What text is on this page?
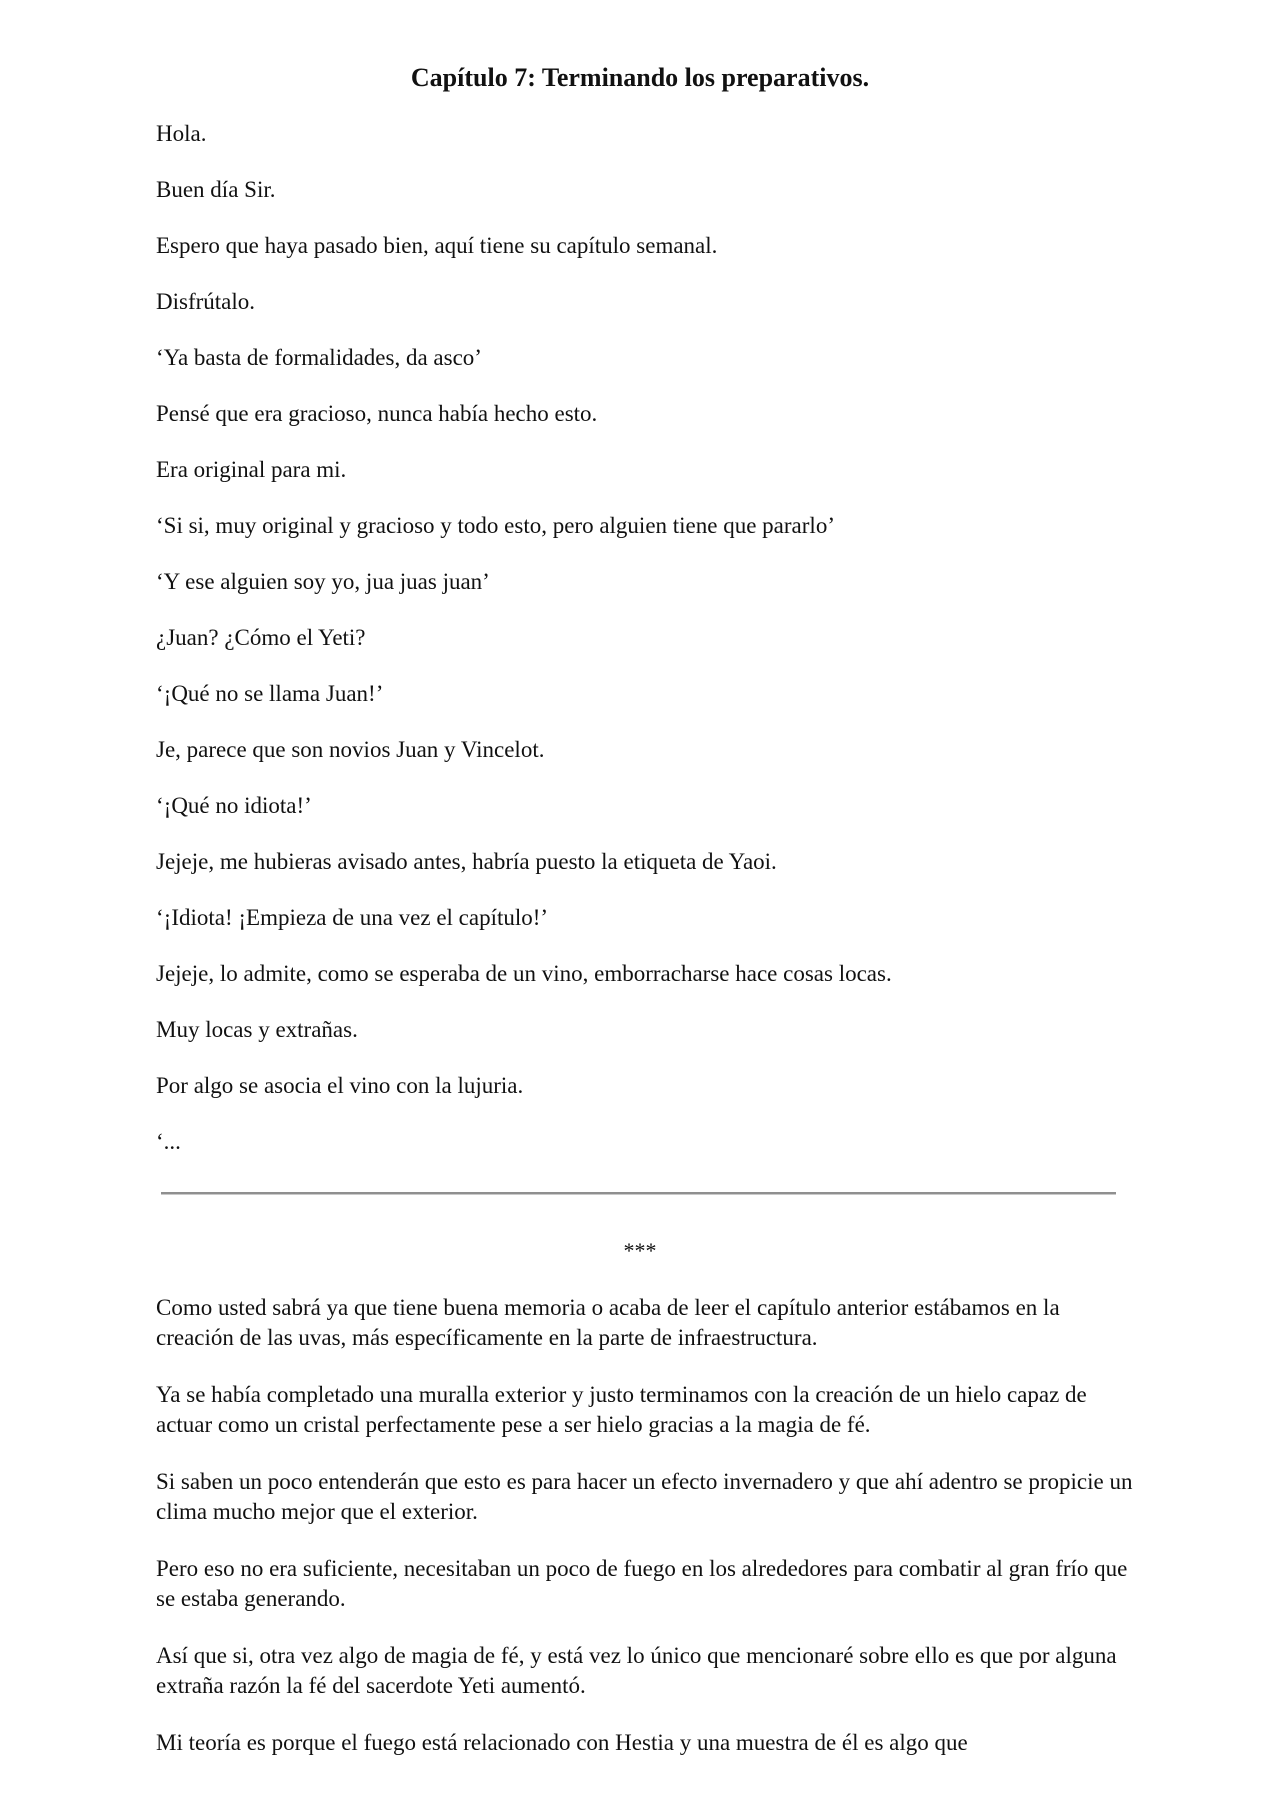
Capítulo 7: Terminando los preparativos.

Hola.

Buen día Sir.

Espero que haya pasado bien, aquí tiene su capítulo semanal.

Disfrútalo.

‘Ya basta de formalidades, da asco’

Pensé que era gracioso, nunca había hecho esto.

Era original para mi.

‘Si si, muy original y gracioso y todo esto, pero alguien tiene que pararlo’

‘Y ese alguien soy yo, jua juas juan’

¿Juan? ¿Cómo el Yeti?

‘¡Qué no se llama Juan!’

Je, parece que son novios Juan y Vincelot.

‘¡Qué no idiota!’

Jejeje, me hubieras avisado antes, habría puesto la etiqueta de Yaoi.

‘¡Idiota! ¡Empieza de una vez el capítulo!’

Jejeje, lo admite, como se esperaba de un vino, emborracharse hace cosas locas.

Muy locas y extrañas.

Por algo se asocia el vino con la lujuria.

‘...

***

Como usted sabrá ya que tiene buena memoria o acaba de leer el capítulo anterior estábamos en la creación de las uvas, más específicamente en la parte de infraestructura.

Ya se había completado una muralla exterior y justo terminamos con la creación de un hielo capaz de actuar como un cristal perfectamente pese a ser hielo gracias a la magia de fé.

Si saben un poco entenderán que esto es para hacer un efecto invernadero y que ahí adentro se propicie un clima mucho mejor que el exterior.

Pero eso no era suficiente, necesitaban un poco de fuego en los alrededores para combatir al gran frío que se estaba generando.

Así que si, otra vez algo de magia de fé, y está vez lo único que mencionaré sobre ello es que por alguna extraña razón la fé del sacerdote Yeti aumentó.

Mi teoría es porque el fuego está relacionado con Hestia y una muestra de él es algo que
